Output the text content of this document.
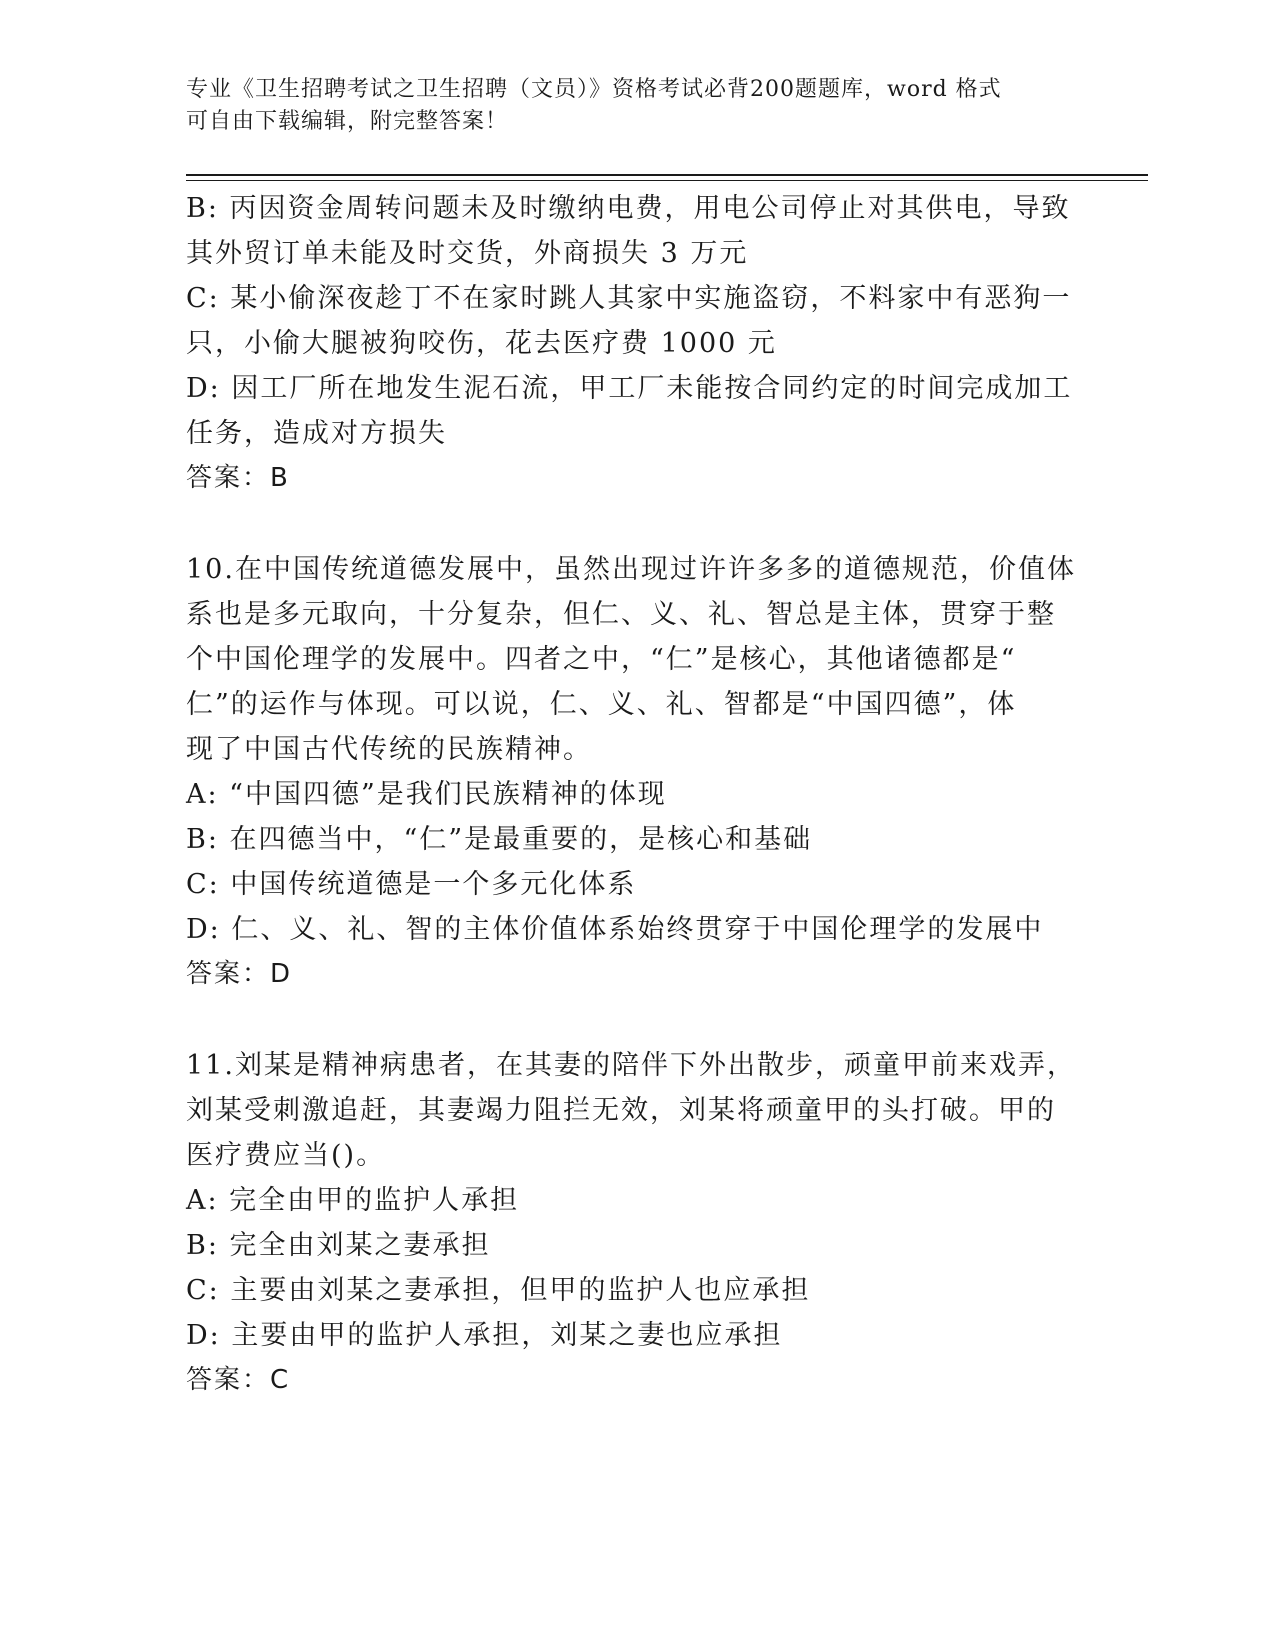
专业《卫生招聘考试之卫生招聘（文员）》资格考试必背200题题库，word 格式
可自由下载编辑，附完整答案！
B: 丙因资金周转问题未及时缴纳电费，用电公司停止对其供电，导致
其外贸订单未能及时交货，外商损失 3 万元
C: 某小偷深夜趁丁不在家时跳人其家中实施盗窃，不料家中有恶狗一
只，小偷大腿被狗咬伤，花去医疗费 1000 元
D: 因工厂所在地发生泥石流，甲工厂未能按合同约定的时间完成加工
任务，造成对方损失
答案：B
10.在中国传统道德发展中，虽然出现过许许多多的道德规范，价值体
系也是多元取向，十分复杂，但仁、义、礼、智总是主体，贯穿于整
个中国伦理学的发展中。四者之中，“仁”是核心，其他诸德都是“
仁”的运作与体现。可以说，仁、义、礼、智都是“中国四德”，体
现了中国古代传统的民族精神。
A: “中国四德”是我们民族精神的体现
B: 在四德当中，“仁”是最重要的，是核心和基础
C: 中国传统道德是一个多元化体系
D: 仁、义、礼、智的主体价值体系始终贯穿于中国伦理学的发展中
答案：D
11.刘某是精神病患者，在其妻的陪伴下外出散步，顽童甲前来戏弄，
刘某受刺激追赶，其妻竭力阻拦无效，刘某将顽童甲的头打破。甲的
医疗费应当()。
A: 完全由甲的监护人承担
B: 完全由刘某之妻承担
C: 主要由刘某之妻承担，但甲的监护人也应承担
D: 主要由甲的监护人承担，刘某之妻也应承担
答案：C
